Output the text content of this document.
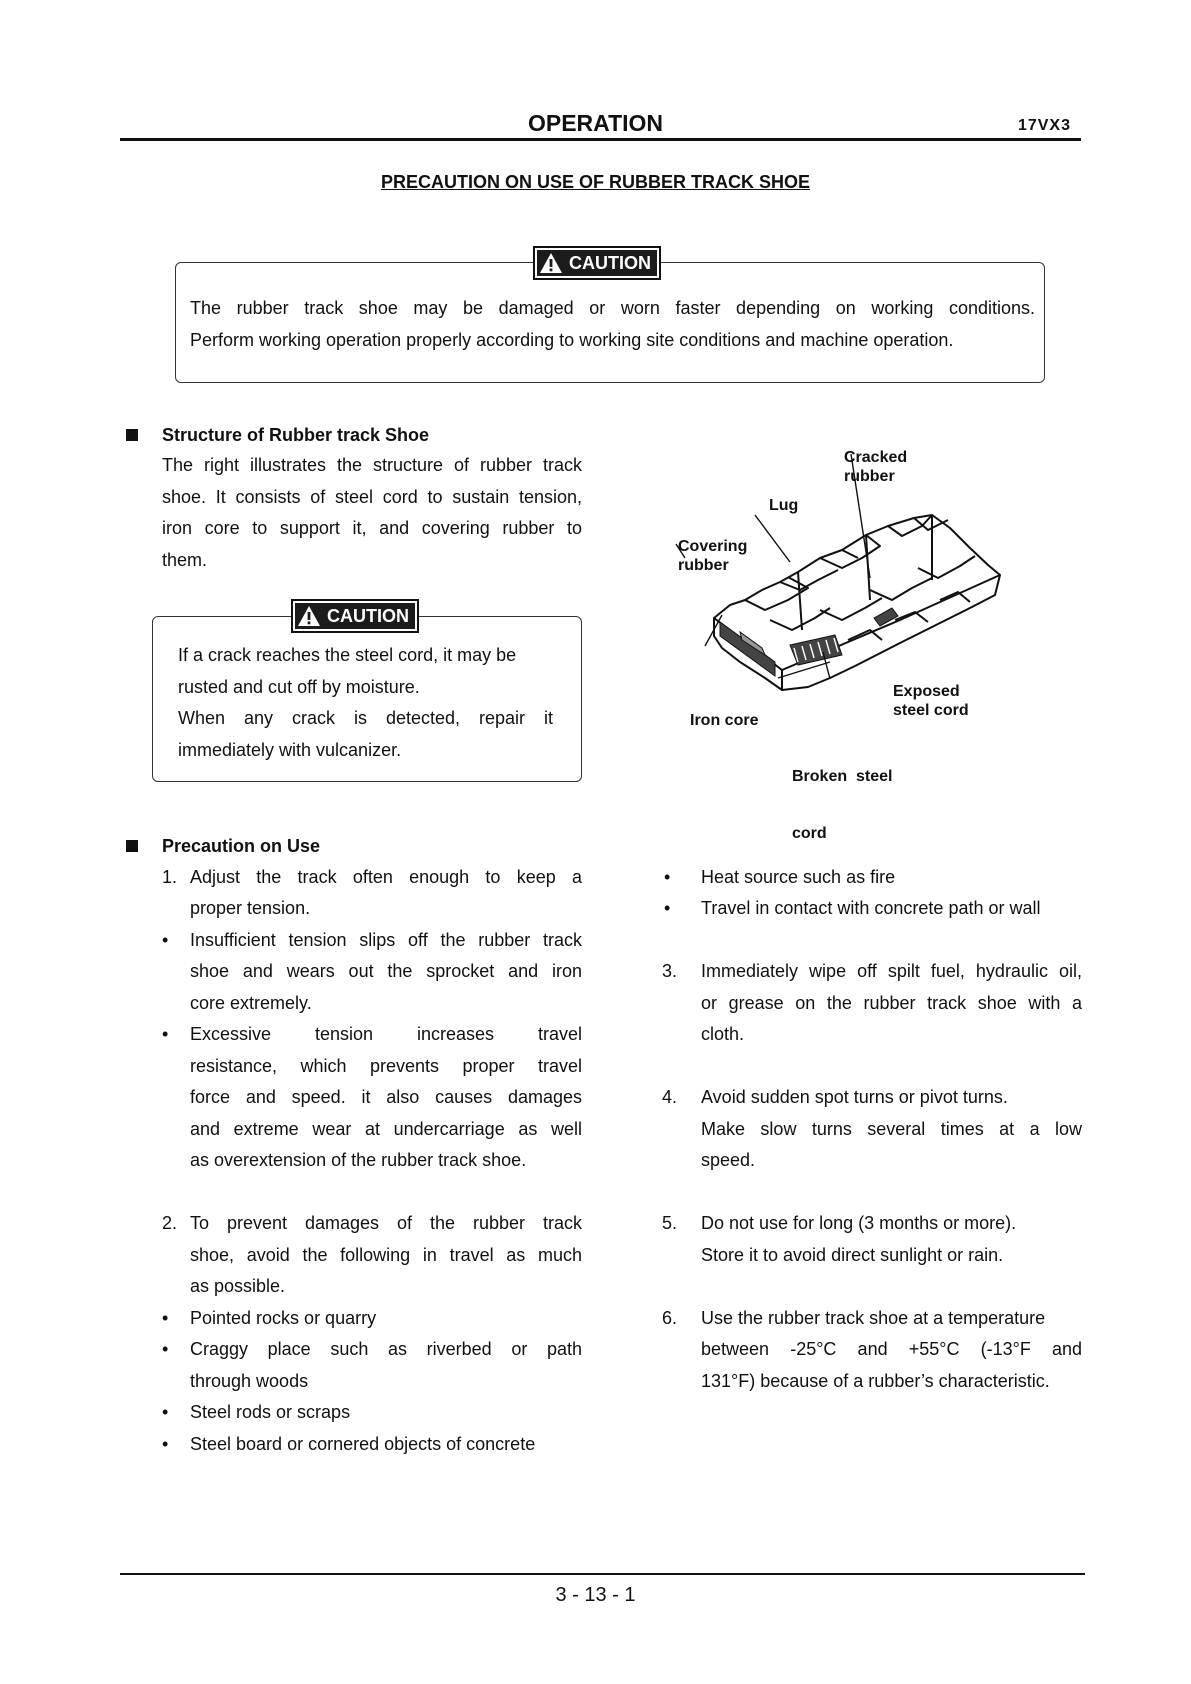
OPERATION	17VX3
PRECAUTION ON USE OF RUBBER TRACK SHOE
CAUTION
The rubber track shoe may be damaged or worn faster depending on working conditions.
Perform working operation properly according to working site conditions and machine operation.
Structure of Rubber track Shoe
The right illustrates the structure of rubber track
shoe. It consists of steel cord to sustain tension,
iron core to support it, and covering rubber to
them.
CAUTION
If a crack reaches the steel cord, it may be
rusted and cut off by moisture.
When any crack is detected, repair it
immediately with vulcanizer.
Cracked
rubber
Lug
Covering
rubber
Iron core
Exposed
steel cord

Broken  steel

cord

Precaution on Use
1. Adjust the track often enough to keep a
proper tension.
• Insufficient tension slips off the rubber track
shoe and wears out the sprocket and iron
core extremely.
• Excessive tension increases travel
resistance, which prevents proper travel
force and speed. it also causes damages
and extreme wear at undercarriage as well
as overextension of the rubber track shoe.
2. To prevent damages of the rubber track
shoe, avoid the following in travel as much
as possible.
• Pointed rocks or quarry
• Craggy place such as riverbed or path
through woods
• Steel rods or scraps
• Steel board or cornered objects of concrete
• Heat source such as fire
• Travel in contact with concrete path or wall
3. Immediately wipe off spilt fuel, hydraulic oil,
or grease on the rubber track shoe with a
cloth.
4. Avoid sudden spot turns or pivot turns.
Make slow turns several times at a low
speed.
5. Do not use for long (3 months or more).
Store it to avoid direct sunlight or rain.
6. Use the rubber track shoe at a temperature
between -25°C and +55°C (-13°F and
131°F) because of a rubber’s characteristic.
3 - 13 - 1
